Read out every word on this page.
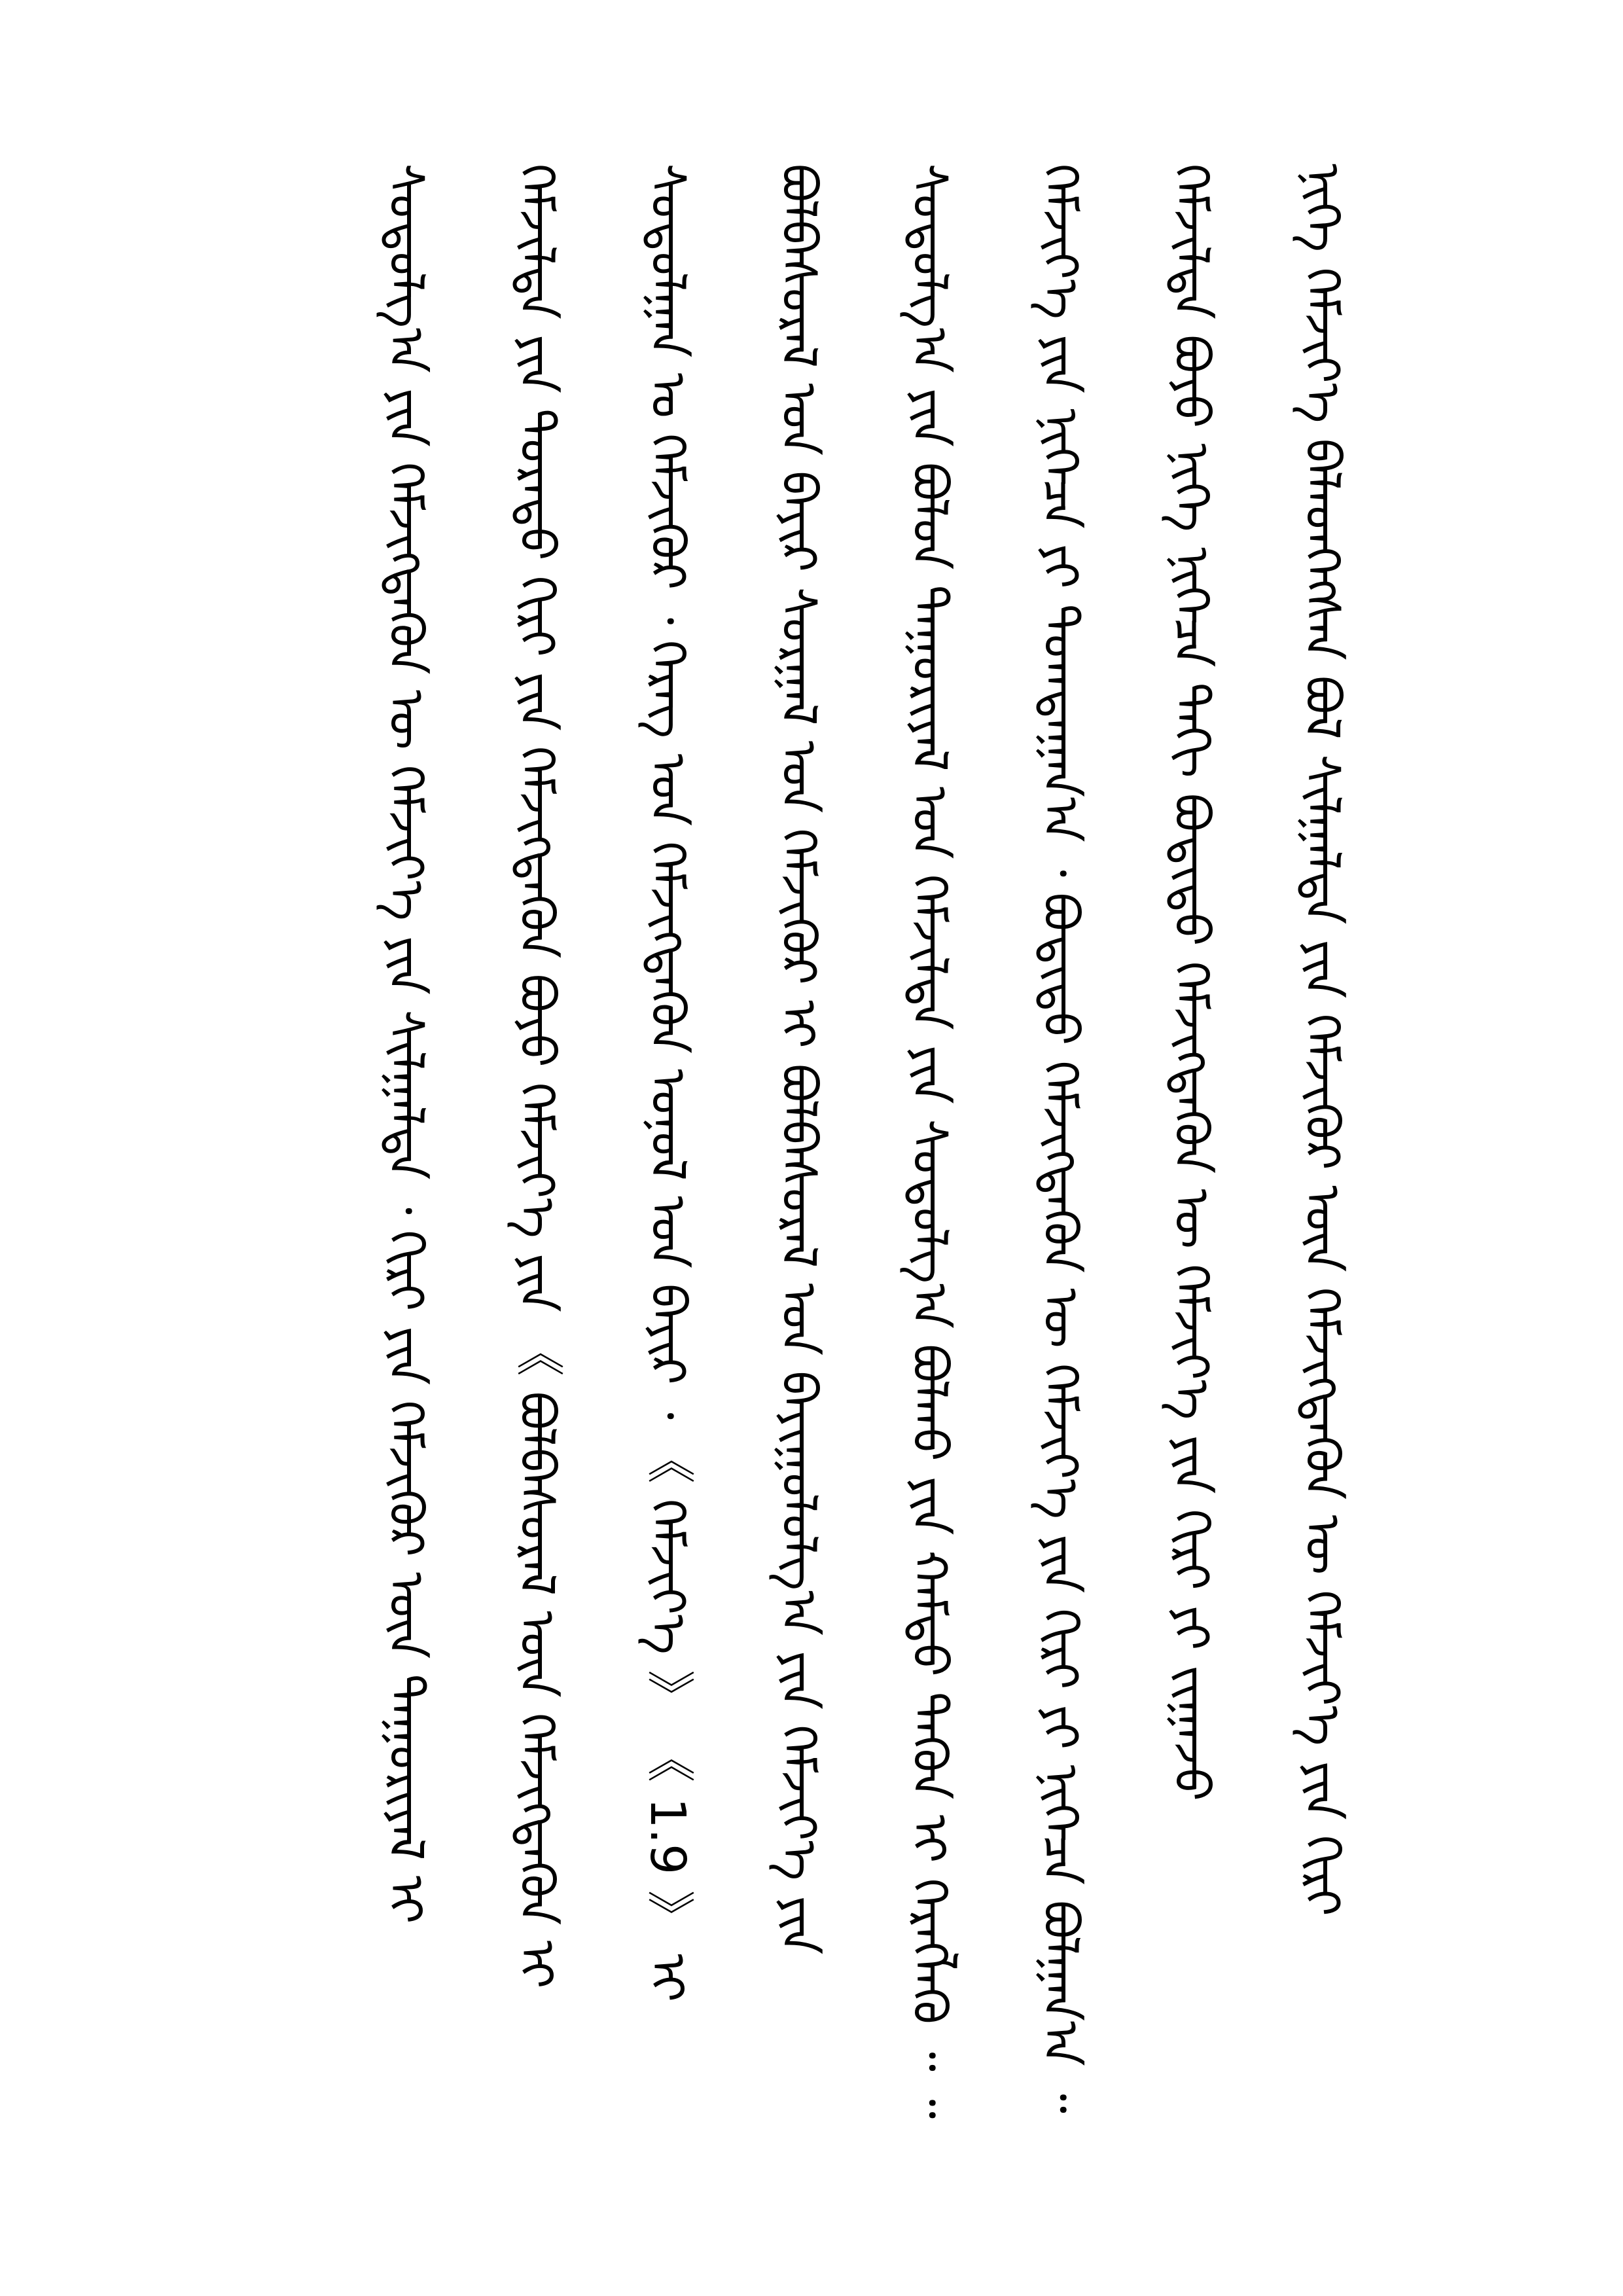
ᠨᠢᠭᠡ ᠬᠡᠮᠵᠢᠶ᠎ᠡ ᠪᠡᠯᠡᠳᠬᠡᠭᠰᠡᠨ ᠪᠣᠯ ᠰᠢᠯᠭᠠᠯᠲᠠ ᠶᠢᠨ ᠬᠡᠮᠵᠢᠭᠦᠷ ᠦᠨ ᠬᠡᠮᠵᠢᠭᠳᠡᠬᠦᠨ ᠦ ᠬᠡᠮᠵᠢᠶ᠎ᠡ ᠶᠢᠨ ᠬᠢᠷᠢ
ᠬᠡᠮᠵᠢᠯᠲᠡ ᠪᠤᠶᠤ ᠨᠢᠭᠡ ᠨᠢᠭᠡᠴᠡ ᠳᠡᠬᠢ ᠪᠣᠳᠢᠲᠤ ᠬᠡᠮᠵᠢᠭᠳᠡᠬᠦᠨ ᠦ ᠬᠡᠮᠵᠢᠶ᠎ᠡ ᠶᠢᠨ ᠬᠢᠷᠢ ᠶᠢ ᠵᠢᠭᠠᠵᠤ
ᠬᠡᠮᠵᠢᠶ᠎ᠡ ᠶᠢᠨ ᠨᠢᠭᠡᠴᠡ ᠶᠢ ᠲᠣᠭᠲᠠᠭᠠᠨ᠎ᠠ ᠂ ᠪᠣᠳᠢᠲᠤ ᠬᠡᠮᠵᠢᠭᠳᠡᠬᠦᠨ ᠦ ᠬᠡᠮᠵᠢᠶ᠎ᠡ ᠶᠢᠨ ᠬᠢᠷᠢ ᠶᠢ ᠨᠢᠭᠡᠴᠡ ᠪᠣᠯᠭᠠᠨ᠎ᠠ ᠃
ᠰᠤᠳᠤᠯᠭ᠎ᠠ ᠶᠢᠨ ᠪᠣᠯᠤᠨ ᠳᠠᠭᠤᠷᠢᠶᠠᠯ ᠤᠨ ᠬᠡᠮᠵᠢᠯᠲᠡ ᠶᠢᠨ ᠰᠤᠳᠤᠯᠭ᠎ᠠ ᠪᠣᠯᠬᠤ ᠶᠢᠨ ᠬᠠᠮᠲᠤ ᠲᠡᠭᠦᠨ ᠢ ᠬᠡᠷᠡᠭᠯᠡᠬᠦ ᠃ ᠃
ᠪᠣᠯᠪᠠᠰᠤᠷᠠᠯ ᠤᠨ ᠪᠠᠶᠢᠷ ᠰᠤᠷᠭᠠᠯ ᠤᠨ ᠬᠡᠮᠵᠢᠭᠦᠷ ᠢ ᠪᠣᠯᠪᠠᠰᠤᠷᠠᠯ ᠤᠨ ᠪᠠᠶᠢᠭᠤᠯᠤᠯᠭ᠎ᠠ ᠶᠢᠨ ᠬᠡᠮᠵᠢᠶ᠎ᠡ ᠶᠢᠨ
ᠰᠤᠳᠤᠯᠭᠠᠨ ᠤ ᠬᠡᠮᠵᠢᠭᠦᠷ ᠂ ᠬᠡᠷᠡᠭ ᠤᠨ ᠬᠡᠮᠵᠢᠭᠳᠡᠬᠦᠨ ᠣᠨᠣᠯ ᠤᠨ ᠪᠠᠶᠢᠷ ᠂ 《 ᠬᠡᠮᠵᠢᠶ᠎ᠡ 》 《 1.9 》 ᠢ
ᠬᠡᠮᠵᠢᠯᠲᠡ ᠶᠢᠨ ᠳᠣᠷᠠᠳᠤ ᠬᠢᠷᠢ ᠶᠢᠨ ᠬᠡᠮᠵᠢᠭᠳᠡᠬᠦᠨ ᠪᠤᠶᠤ ᠬᠡᠮᠵᠢᠶ᠎ᠡ ᠶᠢᠨ 《 ᠪᠣᠯᠪᠠᠰᠤᠷᠠᠯ ᠦᠨ ᠬᠡᠮᠵᠢᠭᠳᠡᠬᠦᠨ ᠢ
ᠰᠤᠳᠤᠯᠭ᠎ᠠ ᠶᠢᠨ ᠬᠡᠮᠵᠢᠭᠳᠡᠬᠦᠨ ᠦ ᠬᠡᠮᠵᠢᠶ᠎ᠡ ᠶᠢᠨ ᠰᠢᠯᠭᠠᠯᠲᠠ ᠂ ᠬᠢᠷᠢ ᠶᠢᠨ ᠬᠡᠮᠵᠢᠭᠦᠷ ᠦᠨ ᠳᠠᠭᠤᠷᠢᠶᠠᠯ ᠢ
